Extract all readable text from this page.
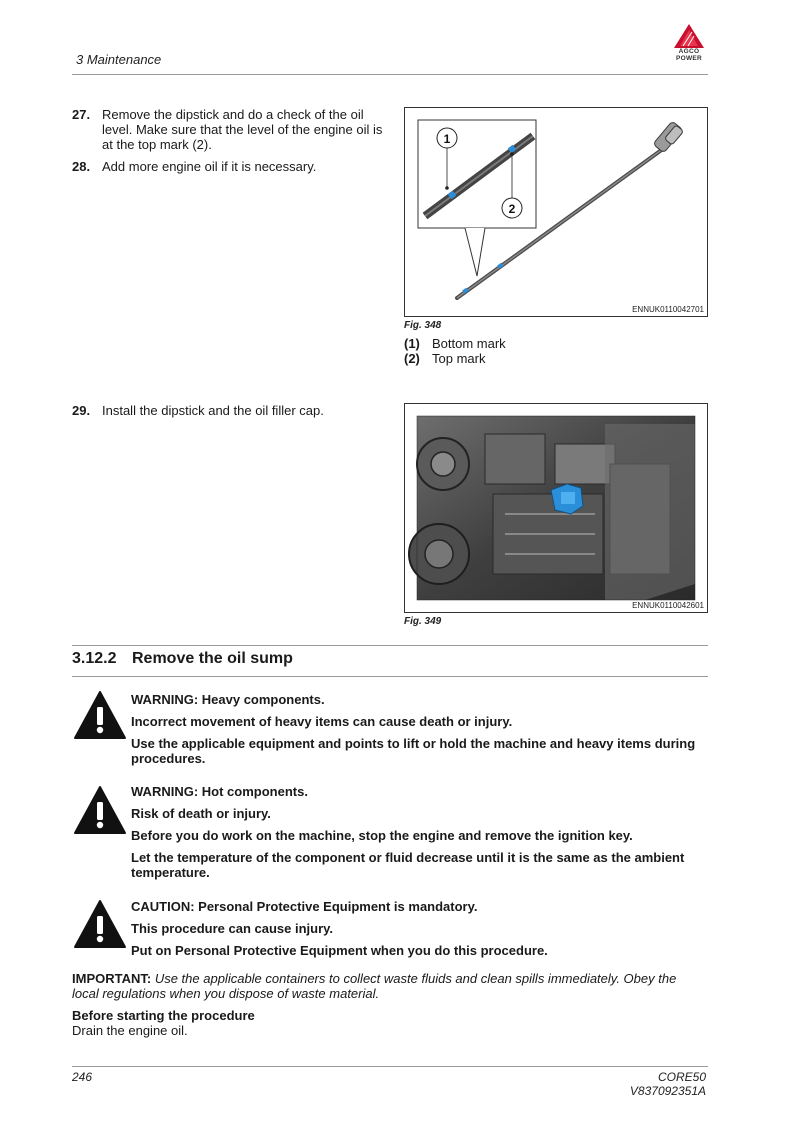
3 Maintenance
AGCO
POWER
27. Remove the dipstick and do a check of the oil
level. Make sure that the level of the engine oil is
at the top mark (2).
28. Add more engine oil if it is necessary.
1
2
ENNUK0110042701
Fig. 348
(1) Bottom mark
(2) Top mark
29. Install the dipstick and the oil filler cap.
ENNUK0110042601
Fig. 349
3.12.2 Remove the oil sump
WARNING: Heavy components.
Incorrect movement of heavy items can cause death or injury.
Use the applicable equipment and points to lift or hold the machine and heavy items during
procedures.
WARNING: Hot components.
Risk of death or injury.
Before you do work on the machine, stop the engine and remove the ignition key.
Let the temperature of the component or fluid decrease until it is the same as the ambient
temperature.
CAUTION: Personal Protective Equipment is mandatory.
This procedure can cause injury.
Put on Personal Protective Equipment when you do this procedure.
IMPORTANT: Use the applicable containers to collect waste fluids and clean spills immediately. Obey the
local regulations when you dispose of waste material.
Before starting the procedure
Drain the engine oil.
246	CORE50
V837092351A
